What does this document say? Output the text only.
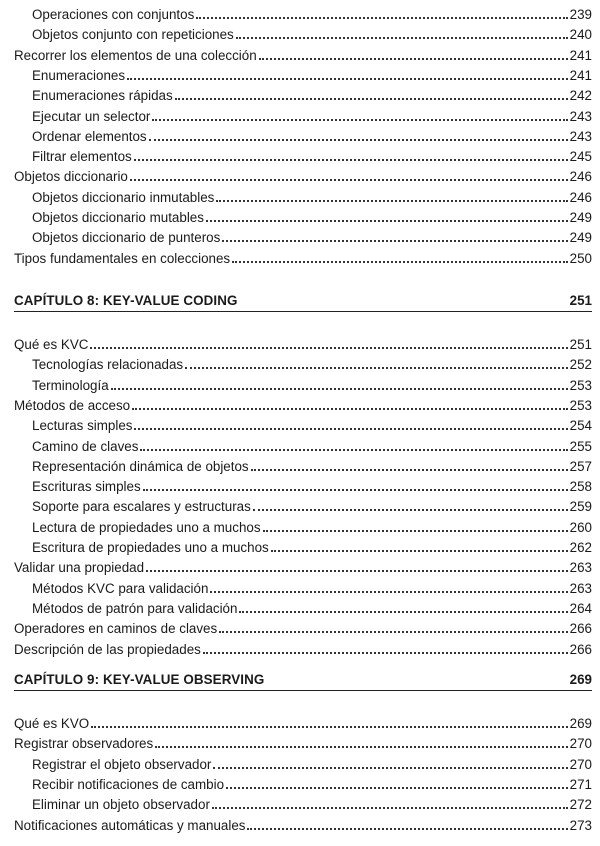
Operaciones con conjuntos	239
Objetos conjunto con repeticiones	240
Recorrer los elementos de una colección	241
Enumeraciones	241
Enumeraciones rápidas	242
Ejecutar un selector	243
Ordenar elementos	243
Filtrar elementos	245
Objetos diccionario	246
Objetos diccionario inmutables	246
Objetos diccionario mutables	249
Objetos diccionario de punteros	249
Tipos fundamentales en colecciones	250
CAPÍTULO 8: KEY-VALUE CODING	251
Qué es KVC	251
Tecnologías relacionadas	252
Terminología	253
Métodos de acceso	253
Lecturas simples	254
Camino de claves	255
Representación dinámica de objetos	257
Escrituras simples	258
Soporte para escalares y estructuras	259
Lectura de propiedades uno a muchos	260
Escritura de propiedades uno a muchos	262
Validar una propiedad	263
Métodos KVC para validación	263
Métodos de patrón para validación	264
Operadores en caminos de claves	266
Descripción de las propiedades	266
CAPÍTULO 9: KEY-VALUE OBSERVING	269
Qué es KVO	269
Registrar observadores	270
Registrar el objeto observador	270
Recibir notificaciones de cambio	271
Eliminar un objeto observador	272
Notificaciones automáticas y manuales	273
